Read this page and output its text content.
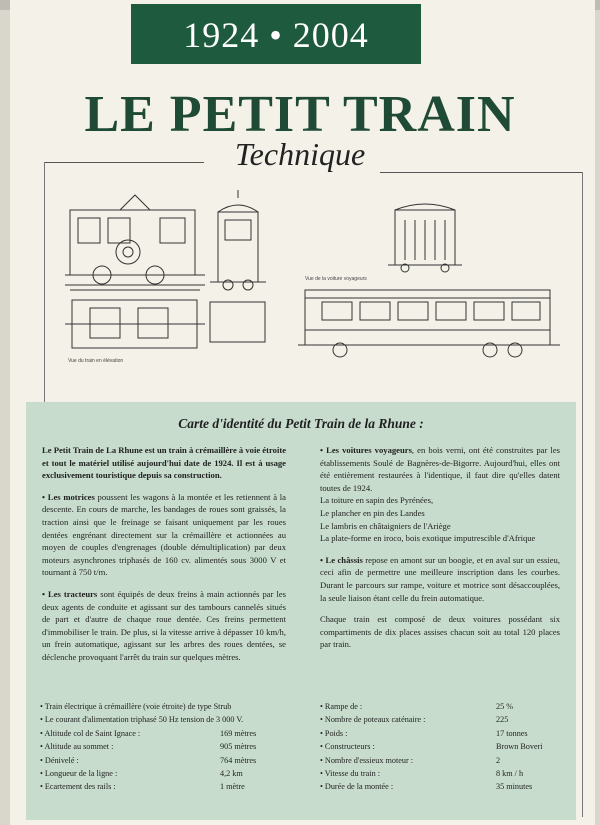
1924 • 2004
LE PETIT TRAIN
Technique
Vue du train en élévation
Vue de la voiture voyageurs
Carte d'identité du Petit Train de la Rhune :

Le Petit Train de La Rhune est un train à crémaillère à voie étroite et tout le matériel utilisé aujourd'hui date de 1924. Il est à usage exclusivement touristique depuis sa construction.

• Les motrices poussent les wagons à la montée et les retiennent à la descente. En cours de marche, les bandages de roues sont graissés, la traction ainsi que le freinage se faisant uniquement par les roues dentées engrénant directement sur la crémaillère et actionnées au moyen de couples d'engrenages (double démultiplication) par deux moteurs asynchrones triphasés de 160 cv. alimentés sous 3000 V et tournant à 750 t/m.

• Les tracteurs sont équipés de deux freins à main actionnés par les deux agents de conduite et agissant sur des tambours cannelés situés de part et d'autre de chaque roue dentée. Ces freins permettent d'immobiliser le train. De plus, si la vitesse arrive à dépasser 10 km/h, un frein automatique, agissant sur les arbres des roues dentées, se déclenche provoquant l'arrêt du train sur quelques mètres.

• Les voitures voyageurs, en bois verni, ont été construites par les établissements Soulé de Bagnères-de-Bigorre. Aujourd'hui, elles ont été entièrement restaurées à l'identique, il faut dire qu'elles datent toutes de 1924.

La toiture en sapin des Pyrénées,
Le plancher en pin des Landes
Le lambris en châtaigniers de l'Ariège
La plate-forme en iroco, bois exotique imputrescible d'Afrique

• Le châssis repose en amont sur un boogie, et en aval sur un essieu, ceci afin de permettre une meilleure inscription dans les courbes. Durant le parcours sur rampe, voiture et motrice sont désaccouplées, la seule liaison étant celle du frein automatique.

Chaque train est composé de deux voitures possédant six compartiments de dix places assises chacun soit au total 120 places par train.

• Train électrique à crémaillère (voie étroite) de type Strub
• Le courant d'alimentation triphasé 50 Hz tension de 3 000 V.
• Altitude col de Saint Ignace :	169 mètres
• Altitude au sommet :	905 mètres
• Dénivelé :	764 mètres
• Longueur de la ligne :	4,2 km
• Ecartement des rails :	1 mètre
• Rampe de :	25 %
• Nombre de poteaux caténaire :	225
• Poids :	17 tonnes
• Constructeurs :	Brown Boveri
• Nombre d'essieux moteur :	2
• Vitesse du train :	8 km / h
• Durée de la montée :	35 minutes
